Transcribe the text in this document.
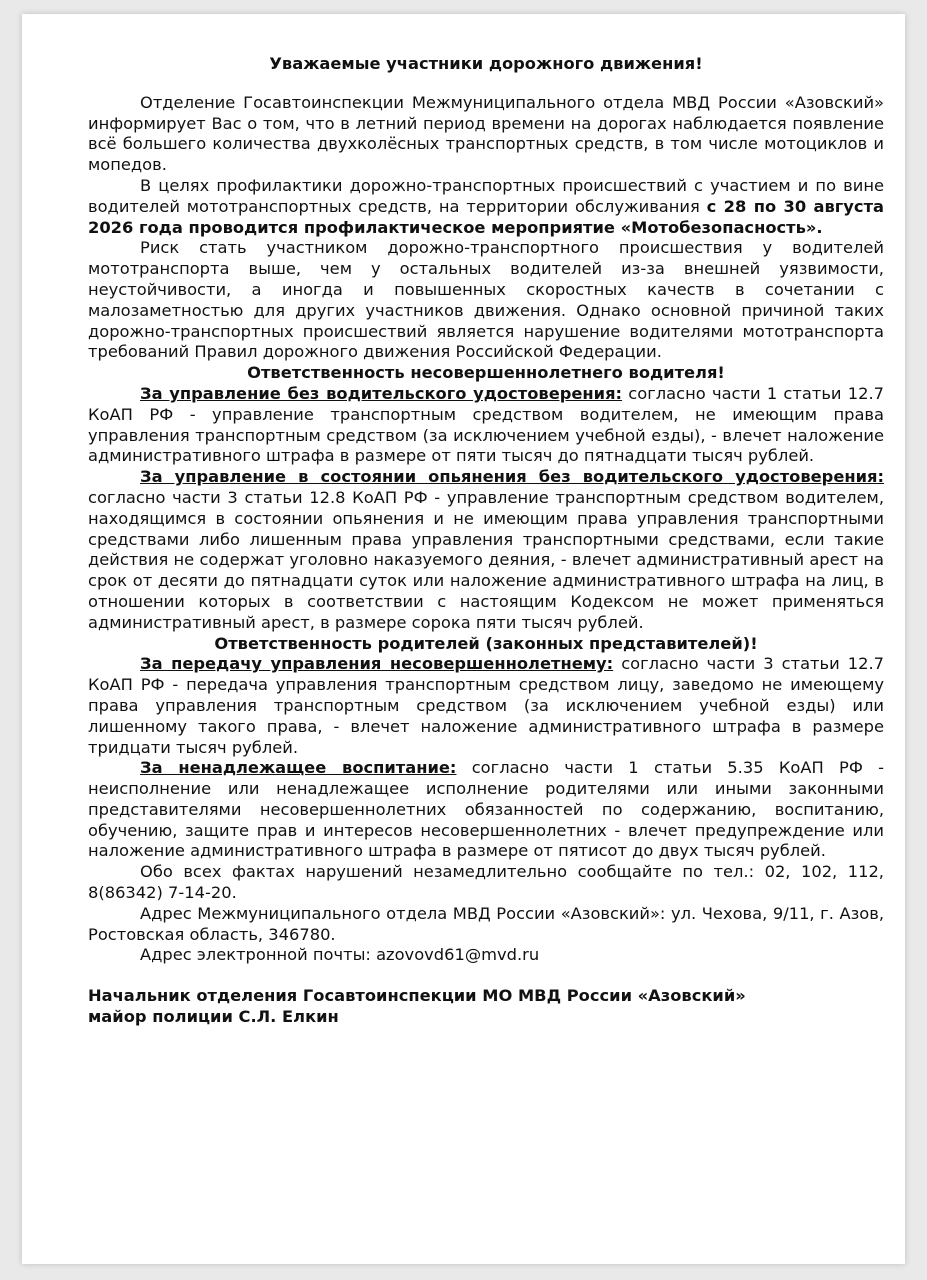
Уважаемые участники дорожного движения!

Отделение Госавтоинспекции Межмуниципального отдела МВД России «Азовский» информирует Вас о том, что в летний период времени на дорогах наблюдается появление всё большего количества двухколёсных транспортных средств, в том числе мотоциклов и мопедов.

В целях профилактики дорожно-транспортных происшествий с участием и по вине водителей мототранспортных средств, на территории обслуживания с 28 по 30 августа 2026 года проводится профилактическое мероприятие «Мотобезопасность».

Риск стать участником дорожно-транспортного происшествия у водителей мототранспорта выше, чем у остальных водителей из-за внешней уязвимости, неустойчивости, а иногда и повышенных скоростных качеств в сочетании с малозаметностью для других участников движения. Однако основной причиной таких дорожно-транспортных происшествий является нарушение водителями мототранспорта требований Правил дорожного движения Российской Федерации.

Ответственность несовершеннолетнего водителя!

За управление без водительского удостоверения: согласно части 1 статьи 12.7 КоАП РФ - управление транспортным средством водителем, не имеющим права управления транспортным средством (за исключением учебной езды), - влечет наложение административного штрафа в размере от пяти тысяч до пятнадцати тысяч рублей.

За управление в состоянии опьянения без водительского удостоверения: согласно части 3 статьи 12.8 КоАП РФ - управление транспортным средством водителем, находящимся в состоянии опьянения и не имеющим права управления транспортными средствами либо лишенным права управления транспортными средствами, если такие действия не содержат уголовно наказуемого деяния, - влечет административный арест на срок от десяти до пятнадцати суток или наложение административного штрафа на лиц, в отношении которых в соответствии с настоящим Кодексом не может применяться административный арест, в размере сорока пяти тысяч рублей.

Ответственность родителей (законных представителей)!

За передачу управления несовершеннолетнему: согласно части 3 статьи 12.7 КоАП РФ - передача управления транспортным средством лицу, заведомо не имеющему права управления транспортным средством (за исключением учебной езды) или лишенному такого права, - влечет наложение административного штрафа в размере тридцати тысяч рублей.

За ненадлежащее воспитание: согласно части 1 статьи 5.35 КоАП РФ - неисполнение или ненадлежащее исполнение родителями или иными законными представителями несовершеннолетних обязанностей по содержанию, воспитанию, обучению, защите прав и интересов несовершеннолетних - влечет предупреждение или наложение административного штрафа в размере от пятисот до двух тысяч рублей.

Обо всех фактах нарушений незамедлительно сообщайте по тел.: 02, 102, 112, 8(86342) 7-14-20.

Адрес Межмуниципального отдела МВД России «Азовский»: ул. Чехова, 9/11, г. Азов, Ростовская область, 346780.

Адрес электронной почты: azovovd61@mvd.ru

Начальник отделения Госавтоинспекции МО МВД России «Азовский»

майор полиции С.Л. Елкин
